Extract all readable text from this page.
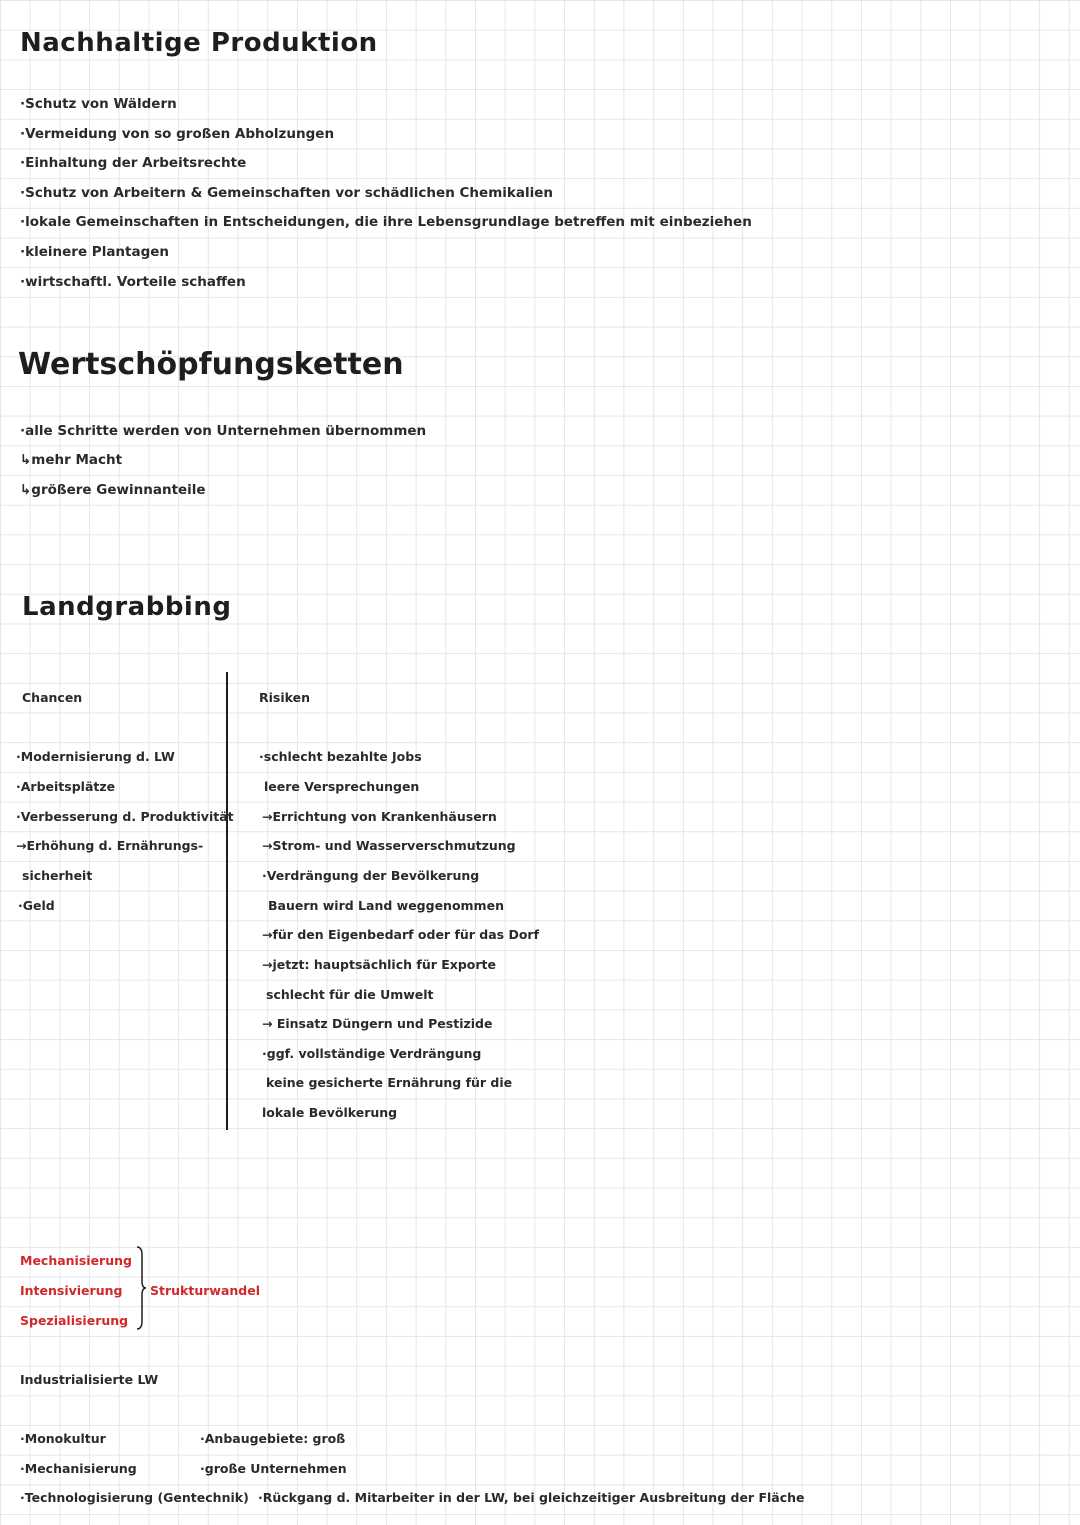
Nachhaltige Produktion
·Schutz von Wäldern
·Vermeidung von so großen Abholzungen
·Einhaltung der Arbeitsrechte
·Schutz von Arbeitern & Gemeinschaften vor schädlichen Chemikalien
·lokale Gemeinschaften in Entscheidungen, die ihre Lebensgrundlage betreffen mit einbeziehen
·kleinere Plantagen
·wirtschaftl. Vorteile schaffen
Wertschöpfungsketten
·alle Schritte werden von Unternehmen übernommen
↳mehr Macht
↳größere Gewinnanteile
Landgrabbing
Chancen	Risiken
·Modernisierung d. LW
·Arbeitsplätze
·Verbesserung d. Produktivität
→Erhöhung d. Ernährungs-
sicherheit
·Geld
·schlecht bezahlte Jobs
leere Versprechungen
→Errichtung von Krankenhäusern
→Strom- und Wasserverschmutzung
·Verdrängung der Bevölkerung
Bauern wird Land weggenommen
→für den Eigenbedarf oder für das Dorf
→jetzt: hauptsächlich für Exporte
schlecht für die Umwelt
→ Einsatz Düngern und Pestizide
·ggf. vollständige Verdrängung
keine gesicherte Ernährung für die
lokale Bevölkerung
Mechanisierung
Intensivierung
Spezialisierung
Strukturwandel
Industrialisierte LW
·Monokultur
·Mechanisierung
·Technologisierung (Gentechnik)
·Anbaugebiete: groß
·große Unternehmen
·Rückgang d. Mitarbeiter in der LW, bei gleichzeitiger Ausbreitung der Fläche
